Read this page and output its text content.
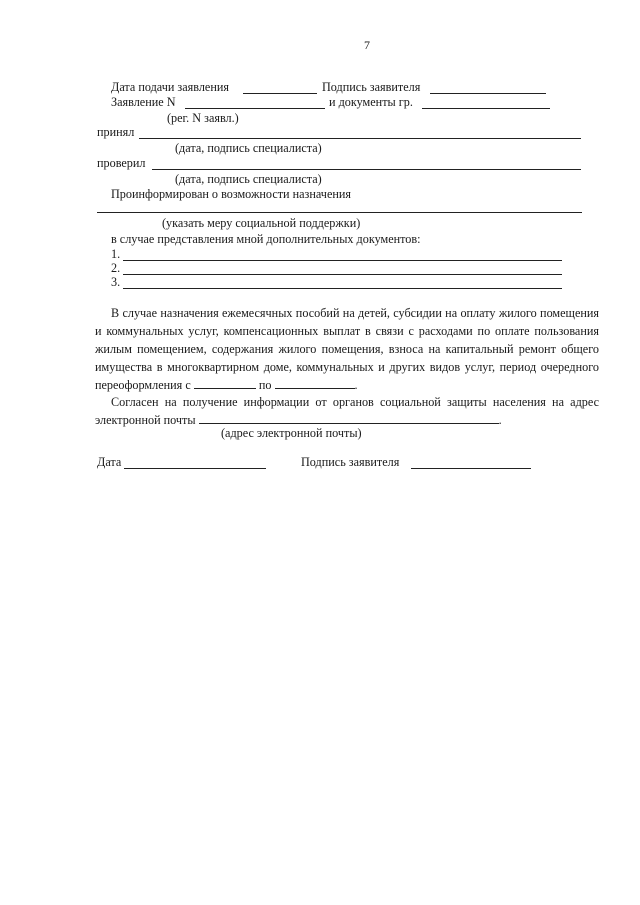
7
Дата подачи заявления	Подпись заявителя
Заявление N	и документы гр.
(рег. N заявл.)
принял
(дата, подпись специалиста)
проверил
(дата, подпись специалиста)
Проинформирован о возможности назначения
(указать меру социальной поддержки)
в случае представления мной дополнительных документов:
1.
2.
3.
В случае назначения ежемесячных пособий на детей, субсидии на оплату жилого помещения и коммунальных услуг, компенсационных выплат в связи с расходами по оплате пользования жилым помещением, содержания жилого помещения, взноса на капитальный ремонт общего имущества в многоквартирном доме, коммунальных и других видов услуг, период очередного переоформления с	по	.
Согласен на получение информации от органов социальной защиты населения на адрес электронной почты	.
(адрес электронной почты)
Дата	Подпись заявителя
